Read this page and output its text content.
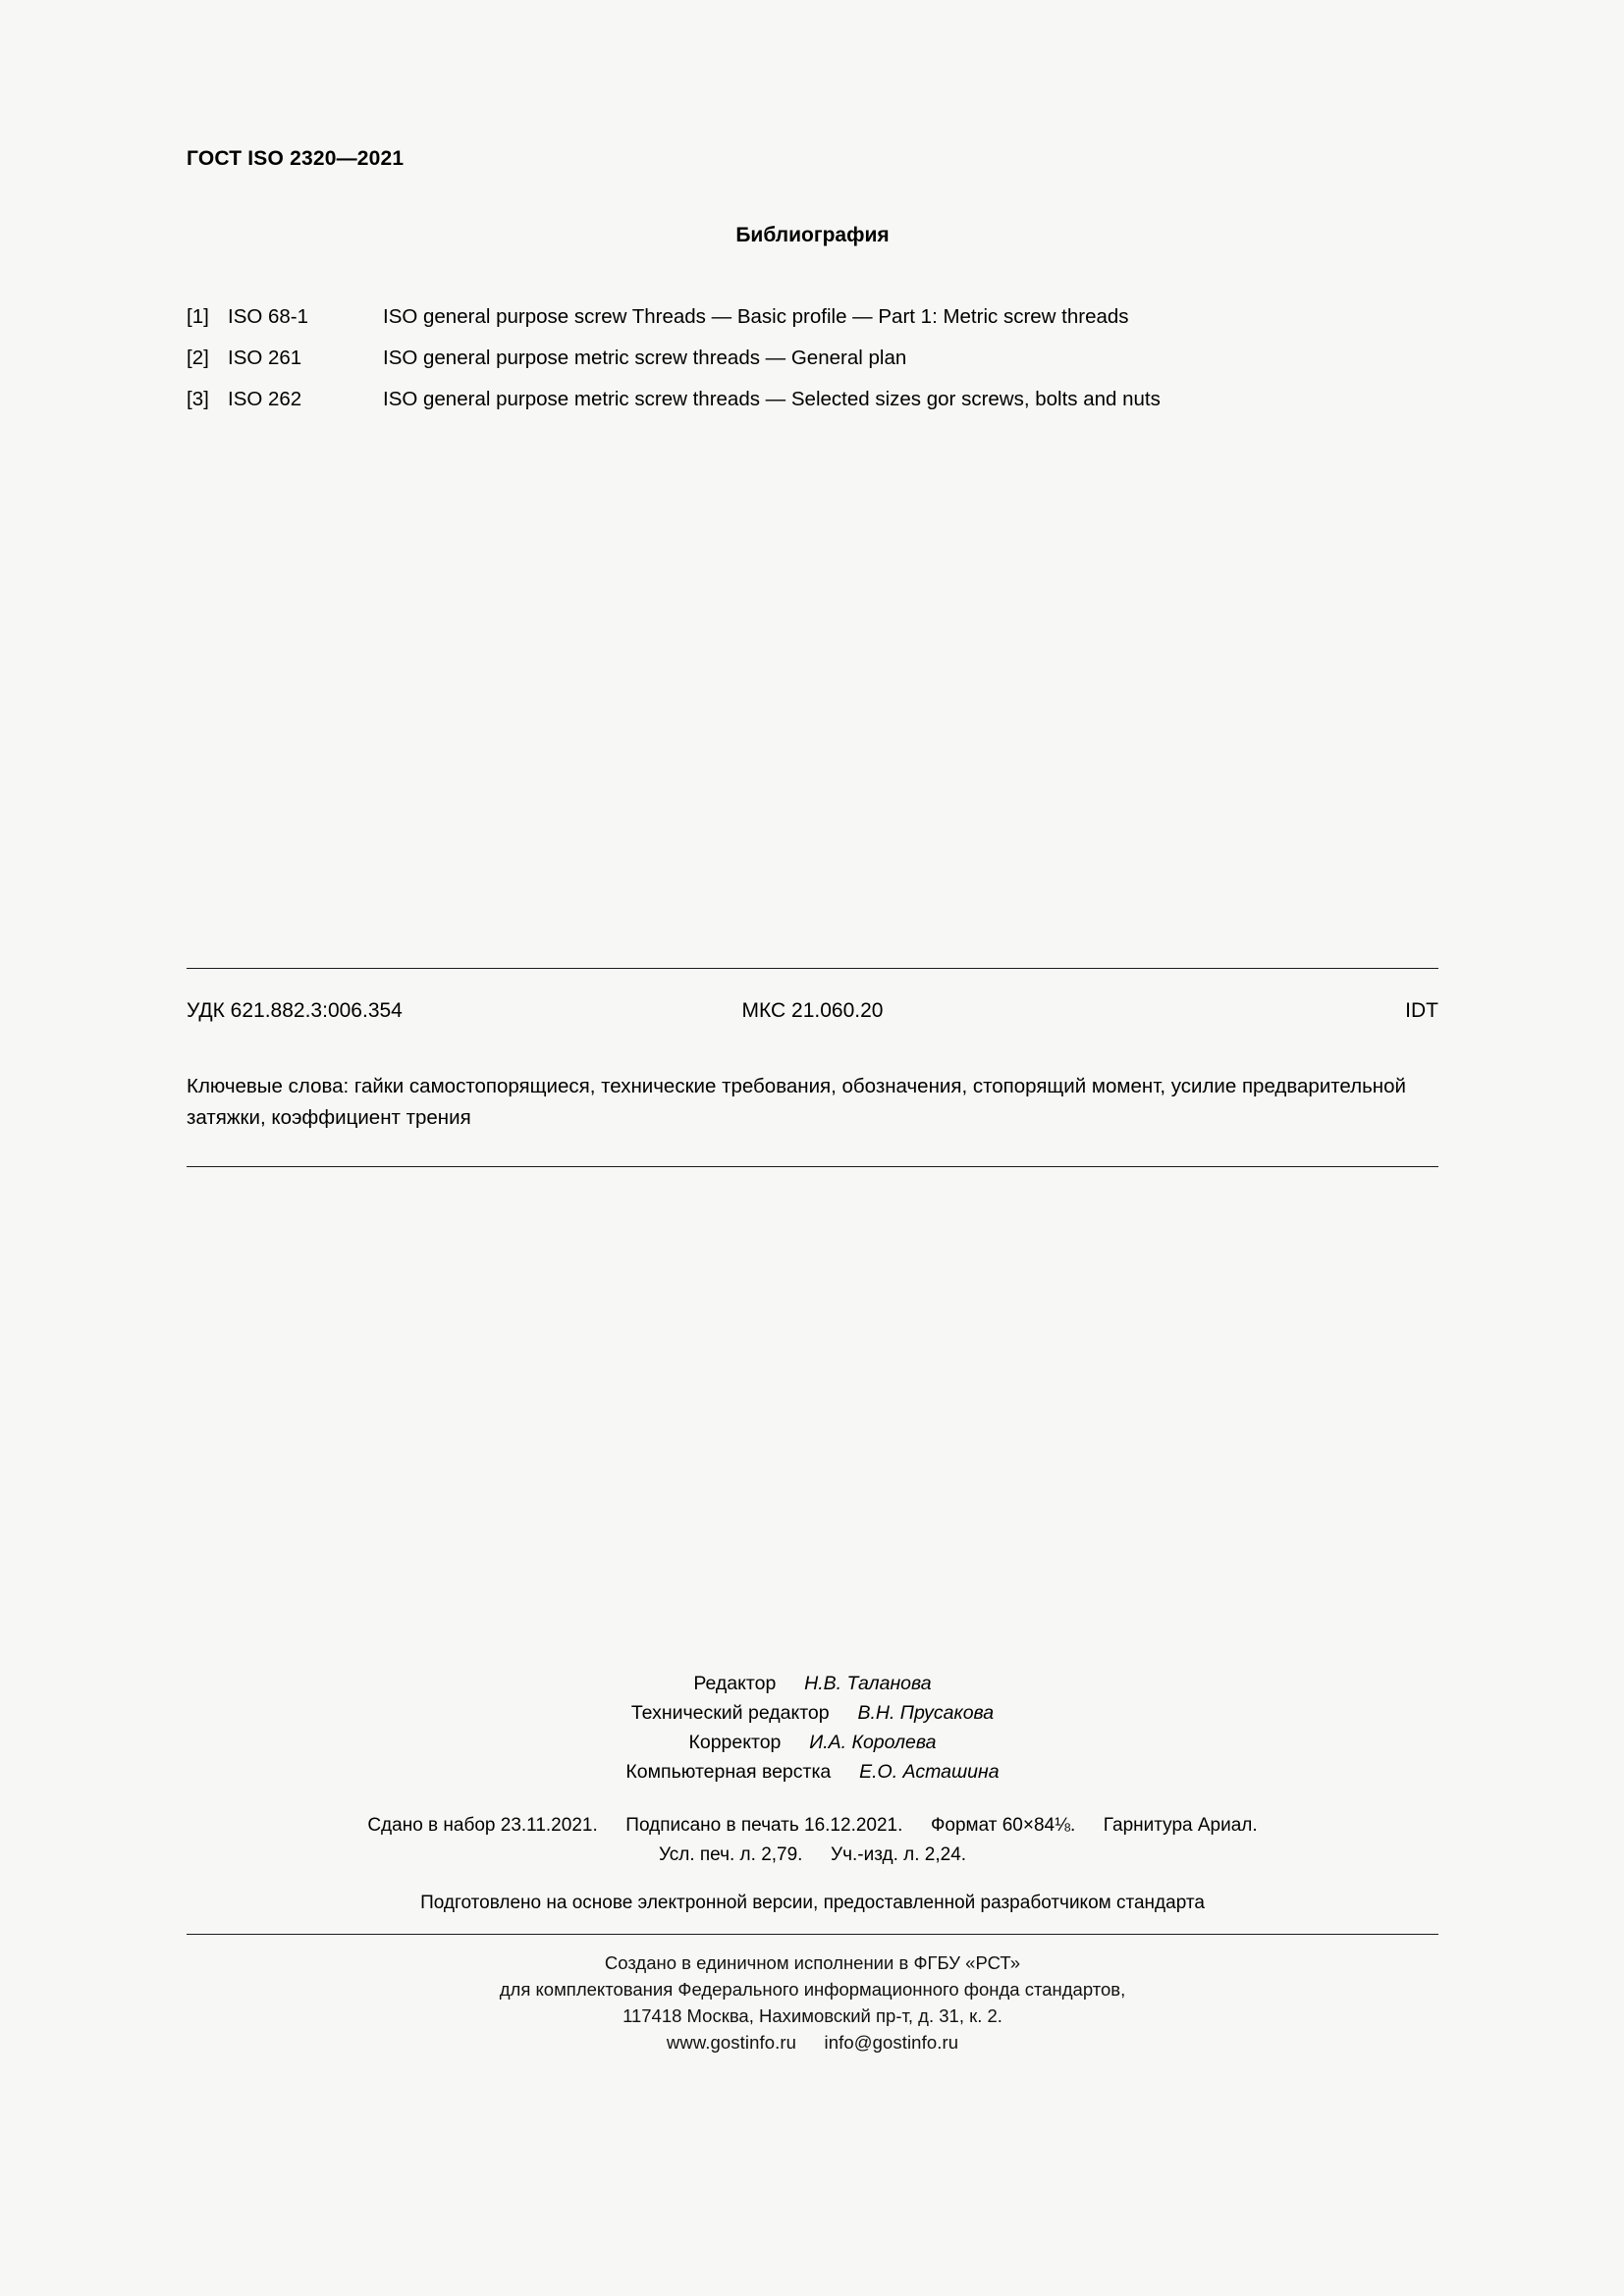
ГОСТ ISO 2320—2021
Библиография
[1] ISO 68-1	ISO general purpose screw Threads — Basic profile — Part 1: Metric screw threads
[2] ISO 261	ISO general purpose metric screw threads — General plan
[3] ISO 262	ISO general purpose metric screw threads — Selected sizes gor screws, bolts and nuts
УДК 621.882.3:006.354	МКС 21.060.20	IDT
Ключевые слова: гайки самостопорящиеся, технические требования, обозначения, стопорящий момент, усилие предварительной затяжки, коэффициент трения
Редактор Н.В. Таланова
Технический редактор В.Н. Прусакова
Корректор И.А. Королева
Компьютерная верстка Е.О. Асташина
Сдано в набор 23.11.2021. Подписано в печать 16.12.2021. Формат 60×84⅛. Гарнитура Ариал.
Усл. печ. л. 2,79. Уч.-изд. л. 2,24.
Подготовлено на основе электронной версии, предоставленной разработчиком стандарта
Создано в единичном исполнении в ФГБУ «РСТ»
для комплектования Федерального информационного фонда стандартов,
117418 Москва, Нахимовский пр-т, д. 31, к. 2.
www.gostinfo.ru info@gostinfo.ru
